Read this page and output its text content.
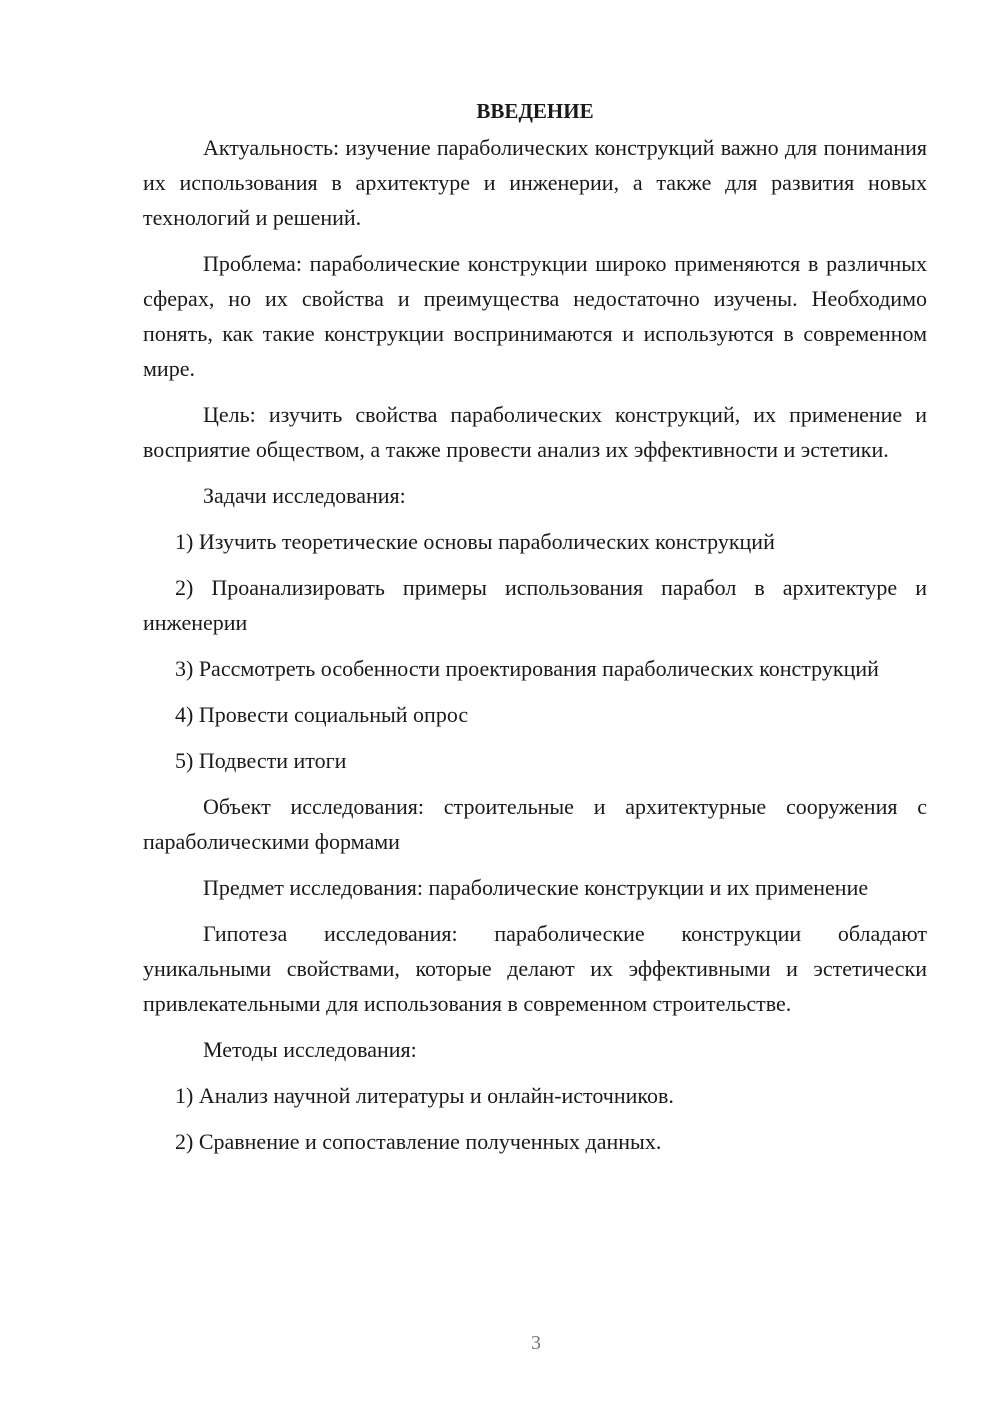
ВВЕДЕНИЕ

Актуальность: изучение параболических конструкций важно для понимания их использования в архитектуре и инженерии, а также для развития новых технологий и решений.

Проблема: параболические конструкции широко применяются в различных сферах, но их свойства и преимущества недостаточно изучены. Необходимо понять, как такие конструкции воспринимаются и используются в современном мире.

Цель: изучить свойства параболических конструкций, их применение и восприятие обществом, а также провести анализ их эффективности и эстетики.

Задачи исследования:

1) Изучить теоретические основы параболических конструкций

2) Проанализировать примеры использования парабол в архитектуре и инженерии

3) Рассмотреть особенности проектирования параболических конструкций

4) Провести социальный опрос

5) Подвести итоги

Объект исследования: строительные и архитектурные сооружения с параболическими формами

Предмет исследования: параболические конструкции и их применение

Гипотеза исследования: параболические конструкции обладают уникальными свойствами, которые делают их эффективными и эстетически привлекательными для использования в современном строительстве.

Методы исследования:

1) Анализ научной литературы и онлайн-источников.

2) Сравнение и сопоставление полученных данных.

3
